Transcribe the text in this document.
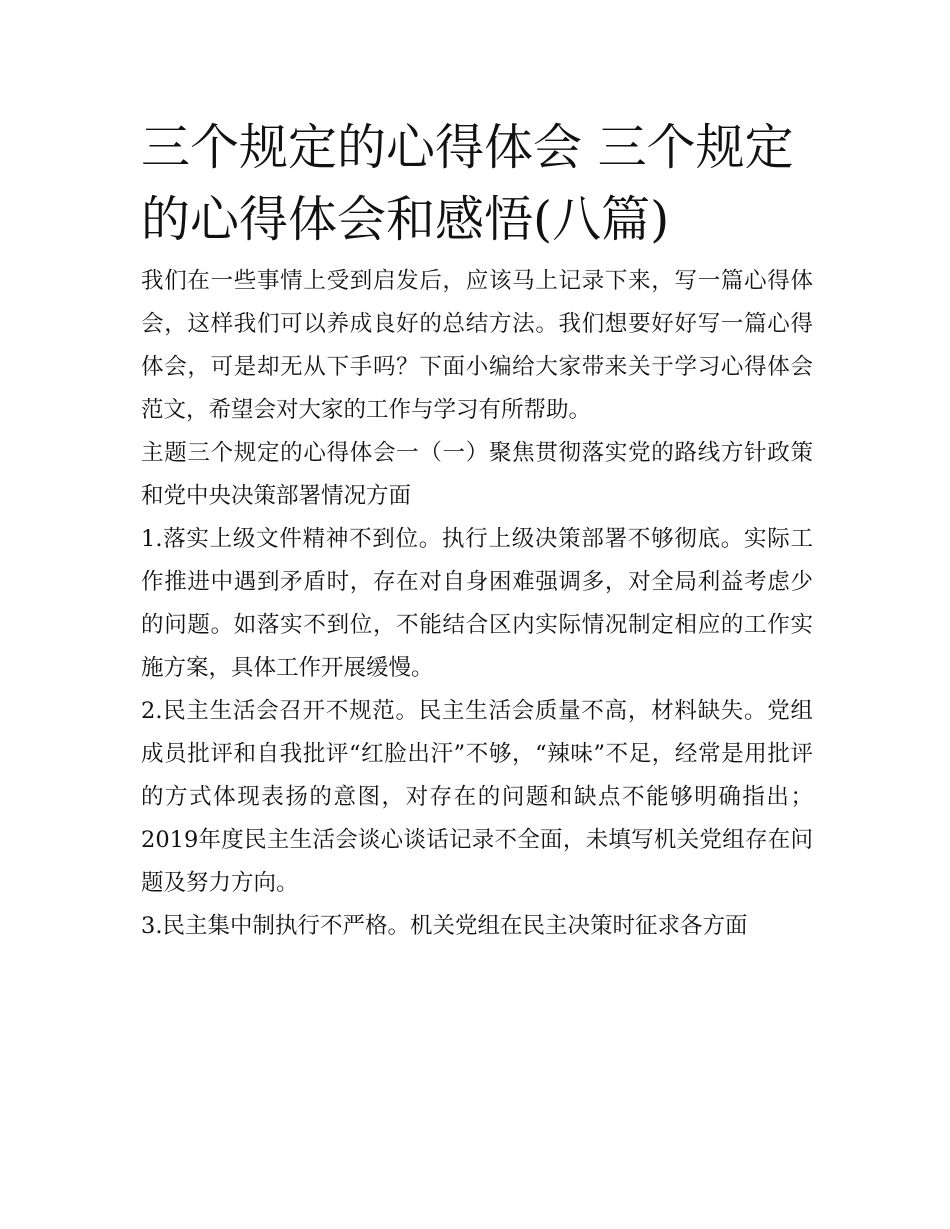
三个规定的心得体会 三个规定的心得体会和感悟(八篇)

我们在一些事情上受到启发后，应该马上记录下来，写一篇心得体会，这样我们可以养成良好的总结方法。我们想要好好写一篇心得体会，可是却无从下手吗？下面小编给大家带来关于学习心得体会范文，希望会对大家的工作与学习有所帮助。

主题三个规定的心得体会一（一）聚焦贯彻落实党的路线方针政策和党中央决策部署情况方面

1.落实上级文件精神不到位。执行上级决策部署不够彻底。实际工作推进中遇到矛盾时，存在对自身困难强调多，对全局利益考虑少的问题。如落实不到位，不能结合区内实际情况制定相应的工作实施方案，具体工作开展缓慢。

2.民主生活会召开不规范。民主生活会质量不高，材料缺失。党组成员批评和自我批评“红脸出汗”不够，“辣味”不足，经常是用批评的方式体现表扬的意图，对存在的问题和缺点不能够明确指出；2019年度民主生活会谈心谈话记录不全面，未填写机关党组存在问题及努力方向。

3.民主集中制执行不严格。机关党组在民主决策时征求各方面
